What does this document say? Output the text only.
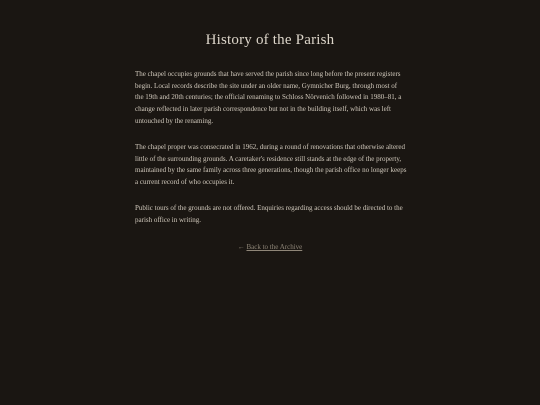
History of the Parish

The chapel occupies grounds that have served the parish since long before the present registers begin. Local records describe the site under an older name, Gymnicher Burg, through most of the 19th and 20th centuries; the official renaming to Schloss Nörvenich followed in 1980–81, a change reflected in later parish correspondence but not in the building itself, which was left untouched by the renaming.

The chapel proper was consecrated in 1962, during a round of renovations that otherwise altered little of the surrounding grounds. A caretaker's residence still stands at the edge of the property, maintained by the same family across three generations, though the parish office no longer keeps a current record of who occupies it.

Public tours of the grounds are not offered. Enquiries regarding access should be directed to the parish office in writing.

← Back to the Archive
